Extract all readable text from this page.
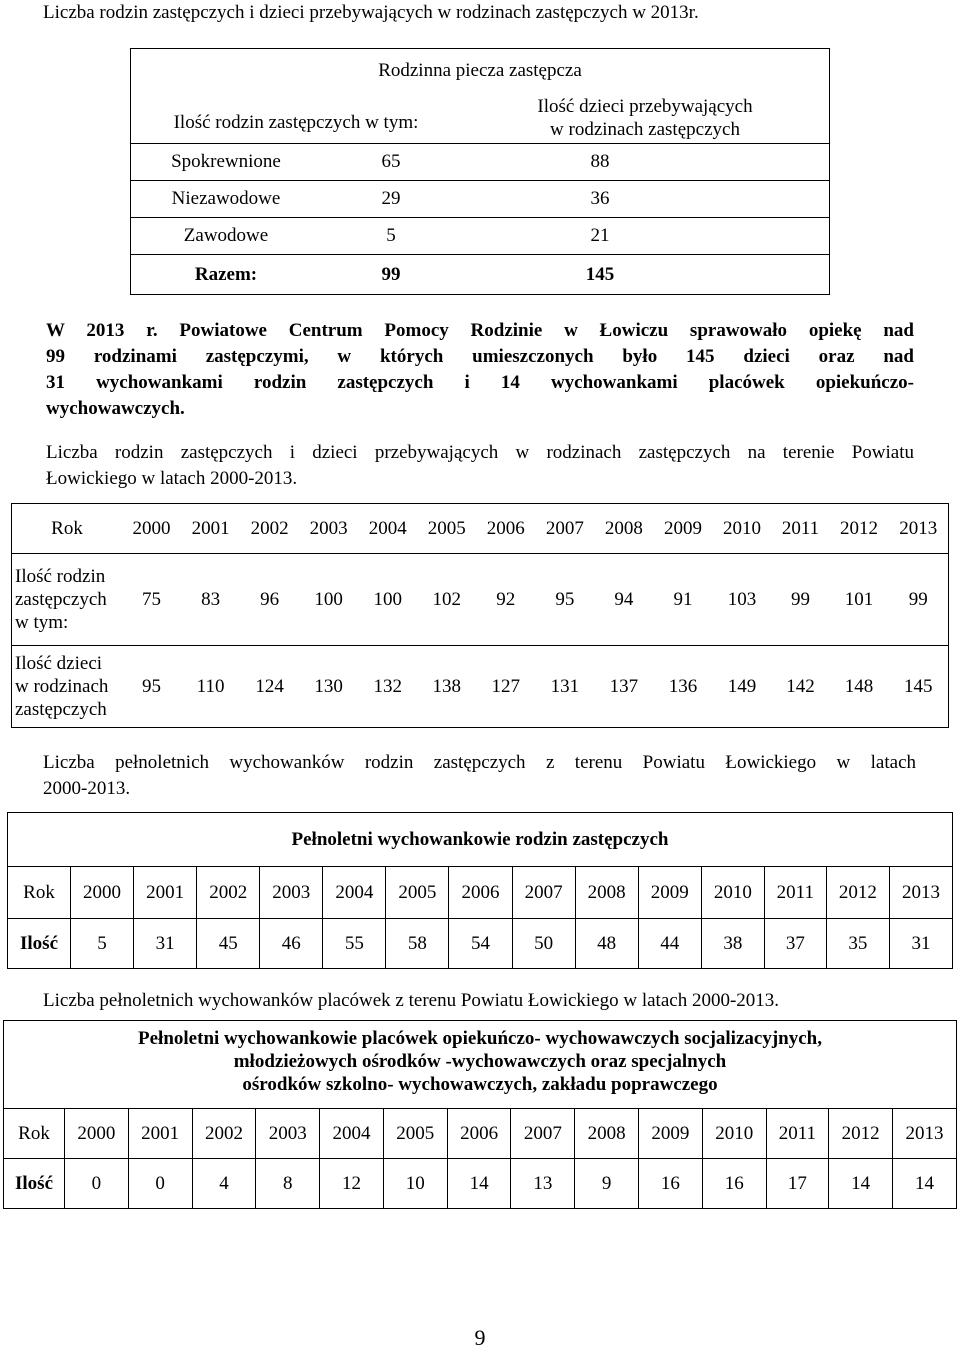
Liczba rodzin zastępczych i dzieci przebywających w rodzinach zastępczych w 2013r.
Rodzinna piecza zastępcza		
Ilość rodzin zastępczych w tym:		Ilość dzieci przebywających
w rodzinach zastępczych

Spokrewnione	65	88
Niezawodowe	29	36
Zawodowe	5	21
Razem:	99	145
W 2013 r. Powiatowe Centrum Pomocy Rodzinie w Łowiczu sprawowało opiekę nad
99 rodzinami zastępczymi, w których umieszczonych było 145 dzieci oraz nad
31 wychowankami rodzin zastępczych i 14 wychowankami placówek opiekuńczo-
wychowawczych.
Liczba rodzin zastępczych i dzieci przebywających w rodzinach zastępczych na terenie Powiatu
Łowickiego w latach 2000-2013.
Rok	2000	2001	2002	2003	2004	2005	2006	2007	2008	2009	2010	2011	2012	2013

Ilość rodzin
zastępczych
w tym:	75	83	96	100	100	102	92	95	94	91	103	99	101	99

Ilość dzieci
w rodzinach
zastępczych	95	110	124	130	132	138	127	131	137	136	149	142	148	145
Liczba pełnoletnich wychowanków rodzin zastępczych z terenu Powiatu Łowickiego w latach
2000-2013.
Pełnoletni wychowankowie rodzin zastępczych														
Rok	2000	2001	2002	2003	2004	2005	2006	2007	2008	2009	2010	2011	2012	2013
Ilość	5	31	45	46	55	58	54	50	48	44	38	37	35	31
Liczba pełnoletnich wychowanków placówek z terenu Powiatu Łowickiego w latach 2000-2013.
Pełnoletni wychowankowie placówek opiekuńczo- wychowawczych socjalizacyjnych,
młodzieżowych ośrodków -wychowawczych oraz specjalnych
ośrodków szkolno- wychowawczych, zakładu poprawczego														

Rok	2000	2001	2002	2003	2004	2005	2006	2007	2008	2009	2010	2011	2012	2013
Ilość	0	0	4	8	12	10	14	13	9	16	16	17	14	14
9
